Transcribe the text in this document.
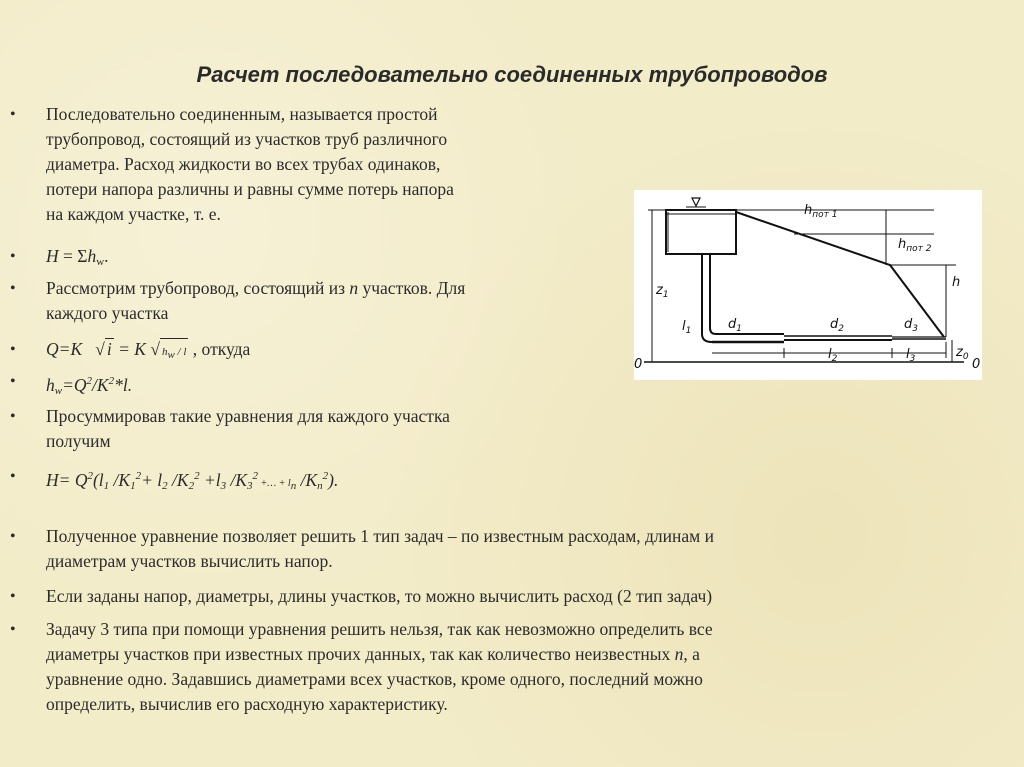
Расчет последовательно соединенных трубопроводов
• Последовательно соединенным, называется простой
трубопровод, состоящий из участков труб различного
диаметра. Расход жидкости во всех трубах одинаков,
потери напора различны и равны сумме потерь напора
на каждом участке, т. е.
• $H = \Sigma h_w$.
• Рассмотрим трубопровод, состоящий из n участков. Для
каждого участка
• Q=K   √ i = K √ $h_w$ / l , откуда
• $h_w=Q^2/K^2*l$.
• Просуммировав такие уравнения для каждого участка
получим
• $H= Q^2(l_1$ $/K_1^2+ l_2$ $/K_2^2 +l_3$ $/K_3^2$ +… + $l_n$ $/K_n^2$).
• Полученное уравнение позволяет решить 1 тип задач – по известным расходам, длинам и
диаметрам участков вычислить напор.
• Если заданы напор, диаметры, длины участков, то можно вычислить расход (2 тип задач)
• Задачу 3 типа при помощи уравнения решить нельзя, так как невозможно определить все
диаметры участков при известных прочих данных, так как количество неизвестных n, а
уравнение одно. Задавшись диаметрами всех участков, кроме одного, последний можно
определить, вычислив его расходную характеристику.
$h_{пот 1}$
$h_{пот 2}$
h
$z_1$
$l_1$	$d_1$	$d_2$	$d_3$
$l_2$	$l_3$	$z_0$
0	0
